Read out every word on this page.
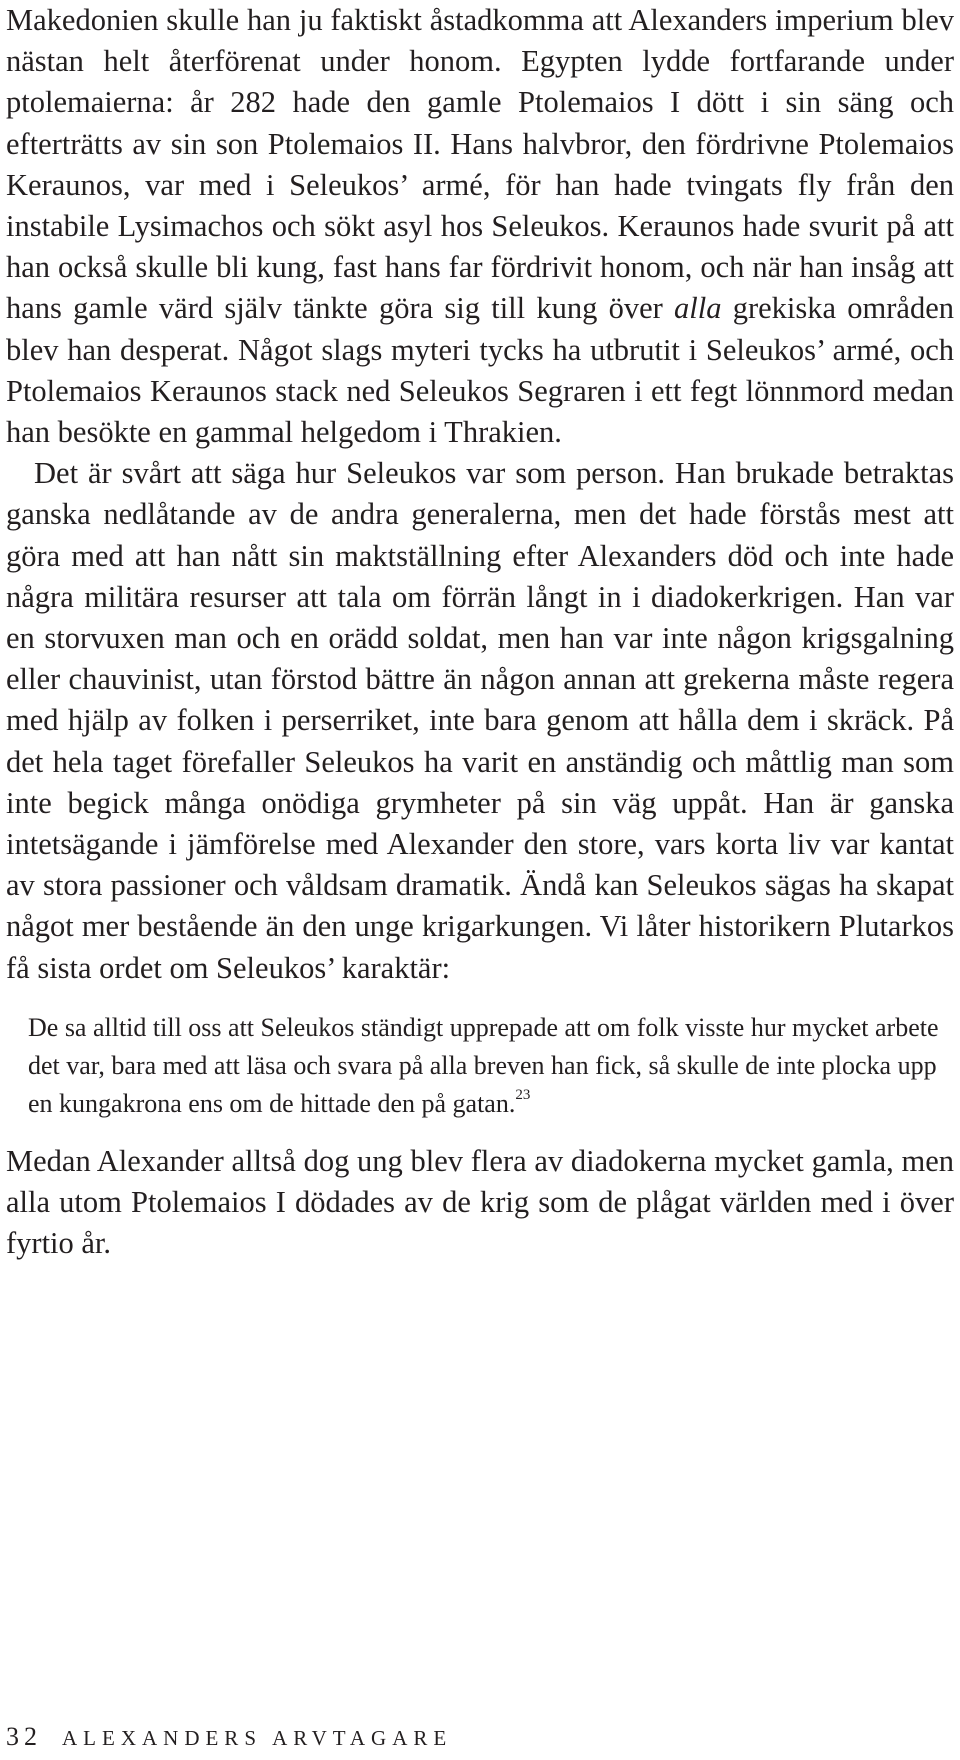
Makedonien skulle han ju faktiskt åstadkomma att Alexanders imperium blev nästan helt återförenat under honom. Egypten lydde fortfarande under ptolemaierna: år 282 hade den gamle Ptolemaios I dött i sin säng och efterträtts av sin son Ptolemaios II. Hans halvbror, den fördrivne Ptolemaios Keraunos, var med i Seleukos’ armé, för han hade tvingats fly från den instabile Lysimachos och sökt asyl hos Seleukos. Keraunos hade svurit på att han också skulle bli kung, fast hans far fördrivit honom, och när han insåg att hans gamle värd själv tänkte göra sig till kung över alla grekiska områden blev han desperat. Något slags myteri tycks ha utbrutit i Seleukos’ armé, och Ptolemaios Keraunos stack ned Seleukos Segraren i ett fegt lönnmord medan han besökte en gammal helgedom i Thrakien.

Det är svårt att säga hur Seleukos var som person. Han brukade betraktas ganska nedlåtande av de andra generalerna, men det hade förstås mest att göra med att han nått sin maktställning efter Alexanders död och inte hade några militära resurser att tala om förrän långt in i diadokerkrigen. Han var en storvuxen man och en orädd soldat, men han var inte någon krigsgalning eller chauvinist, utan förstod bättre än någon annan att grekerna måste regera med hjälp av folken i perserriket, inte bara genom att hålla dem i skräck. På det hela taget förefaller Seleukos ha varit en anständig och måttlig man som inte begick många onödiga grymheter på sin väg uppåt. Han är ganska intetsägande i jämförelse med Alexander den store, vars korta liv var kantat av stora passioner och våldsam dramatik. Ändå kan Seleukos sägas ha skapat något mer bestående än den unge krigarkungen. Vi låter historikern Plutarkos få sista ordet om Seleukos’ karaktär:

De sa alltid till oss att Seleukos ständigt upprepade att om folk visste hur mycket arbete det var, bara med att läsa och svara på alla breven han fick, så skulle de inte plocka upp en kungakrona ens om de hittade den på gatan.$^{23}$

Medan Alexander alltså dog ung blev flera av diadokerna mycket gamla, men alla utom Ptolemaios I dödades av de krig som de plågat världen med i över fyrtio år.

32 ALEXANDERS ARVTAGARE
